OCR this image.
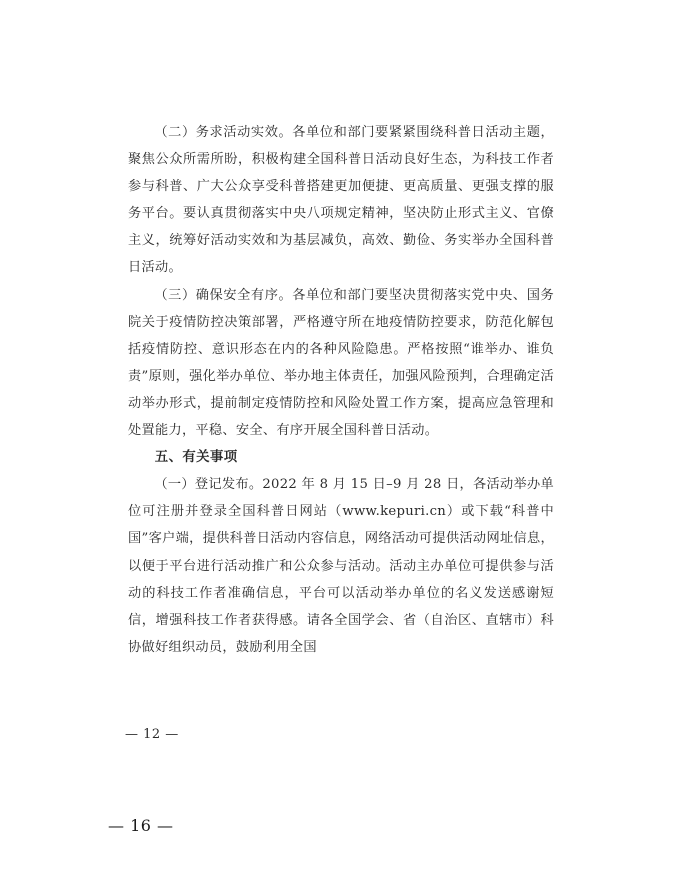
（二）务求活动实效。各单位和部门要紧紧围绕科普日活动主题，聚焦公众所需所盼，积极构建全国科普日活动良好生态，为科技工作者参与科普、广大公众享受科普搭建更加便捷、更高质量、更强支撑的服务平台。要认真贯彻落实中央八项规定精神，坚决防止形式主义、官僚主义，统筹好活动实效和为基层减负，高效、勤俭、务实举办全国科普日活动。

（三）确保安全有序。各单位和部门要坚决贯彻落实党中央、国务院关于疫情防控决策部署，严格遵守所在地疫情防控要求，防范化解包括疫情防控、意识形态在内的各种风险隐患。严格按照“谁举办、谁负责”原则，强化举办单位、举办地主体责任，加强风险预判，合理确定活动举办形式，提前制定疫情防控和风险处置工作方案，提高应急管理和处置能力，平稳、安全、有序开展全国科普日活动。

五、有关事项

（一）登记发布。2022 年 8 月 15 日–9 月 28 日，各活动举办单位可注册并登录全国科普日网站（www.kepuri.cn）或下载“科普中国”客户端，提供科普日活动内容信息，网络活动可提供活动网址信息，以便于平台进行活动推广和公众参与活动。活动主办单位可提供参与活动的科技工作者准确信息，平台可以活动举办单位的名义发送感谢短信，增强科技工作者获得感。请各全国学会、省（自治区、直辖市）科协做好组织动员，鼓励利用全国

— 12 —
— 16 —
